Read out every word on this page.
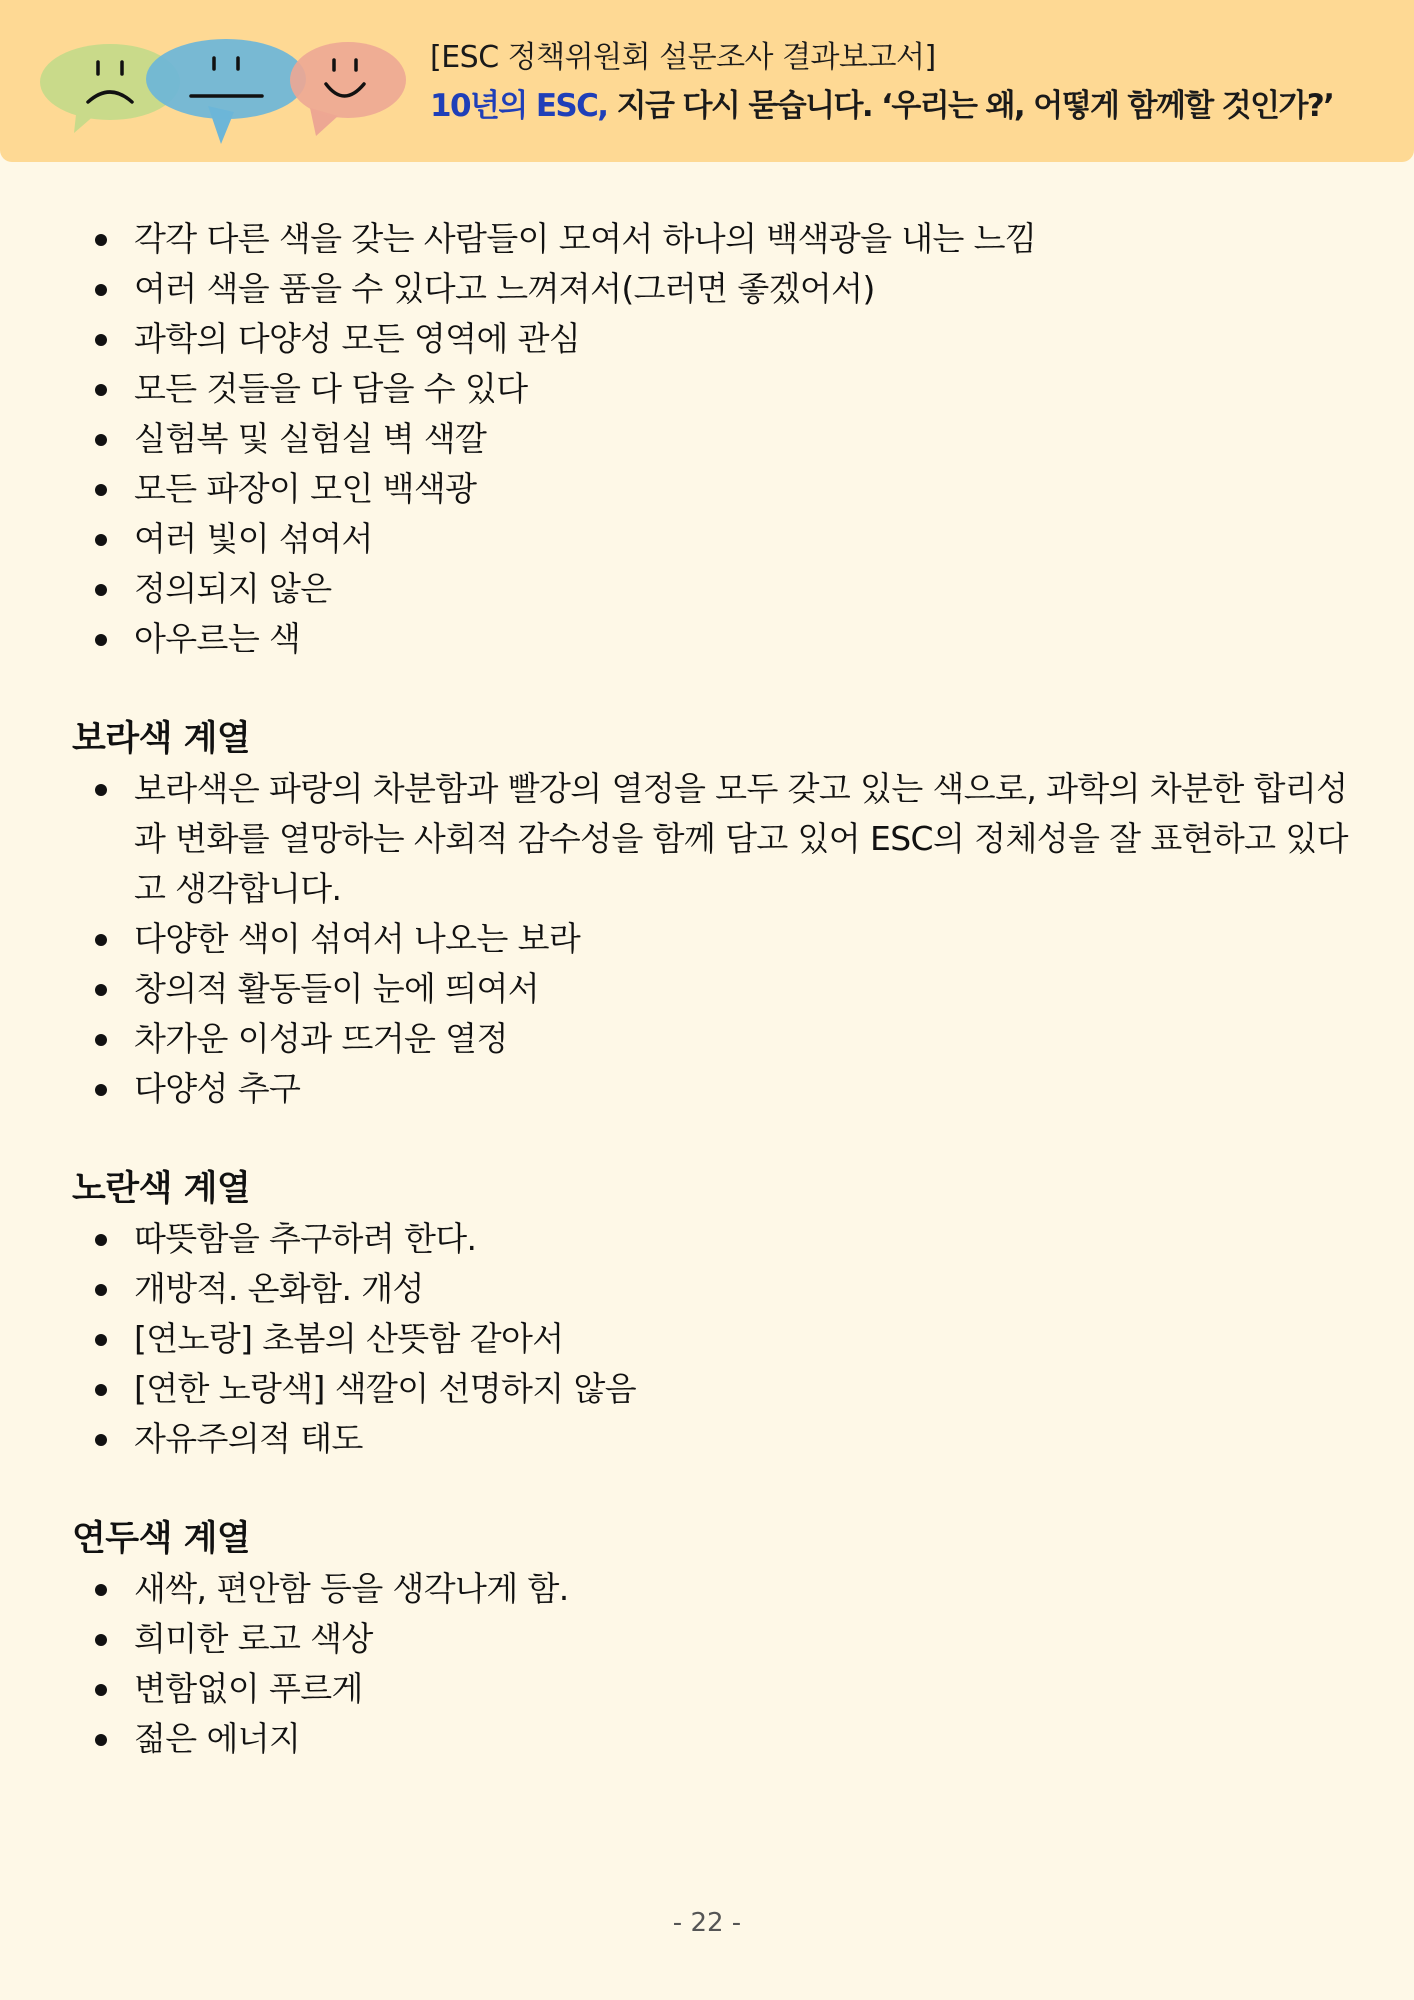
[ESC 정책위원회 설문조사 결과보고서]
10년의 ESC, 지금 다시 묻습니다. ‘우리는 왜, 어떻게 함께할 것인가?’
각각 다른 색을 갖는 사람들이 모여서 하나의 백색광을 내는 느낌
여러 색을 품을 수 있다고 느껴져서(그러면 좋겠어서)
과학의 다양성 모든 영역에 관심
모든 것들을 다 담을 수 있다
실험복 및 실험실 벽 색깔
모든 파장이 모인 백색광
여러 빛이 섞여서
정의되지 않은
아우르는 색
보라색 계열
보라색은 파랑의 차분함과 빨강의 열정을 모두 갖고 있는 색으로, 과학의 차분한 합리성과 변화를 열망하는 사회적 감수성을 함께 담고 있어 ESC의 정체성을 잘 표현하고 있다고 생각합니다.
다양한 색이 섞여서 나오는 보라
창의적 활동들이 눈에 띄여서
차가운 이성과 뜨거운 열정
다양성 추구
노란색 계열
따뜻함을 추구하려 한다.
개방적. 온화함. 개성
[연노랑] 초봄의 산뜻함 같아서
[연한 노랑색] 색깔이 선명하지 않음
자유주의적 태도
연두색 계열
새싹, 편안함 등을 생각나게 함.
희미한 로고 색상
변함없이 푸르게
젊은 에너지
- 22 -
